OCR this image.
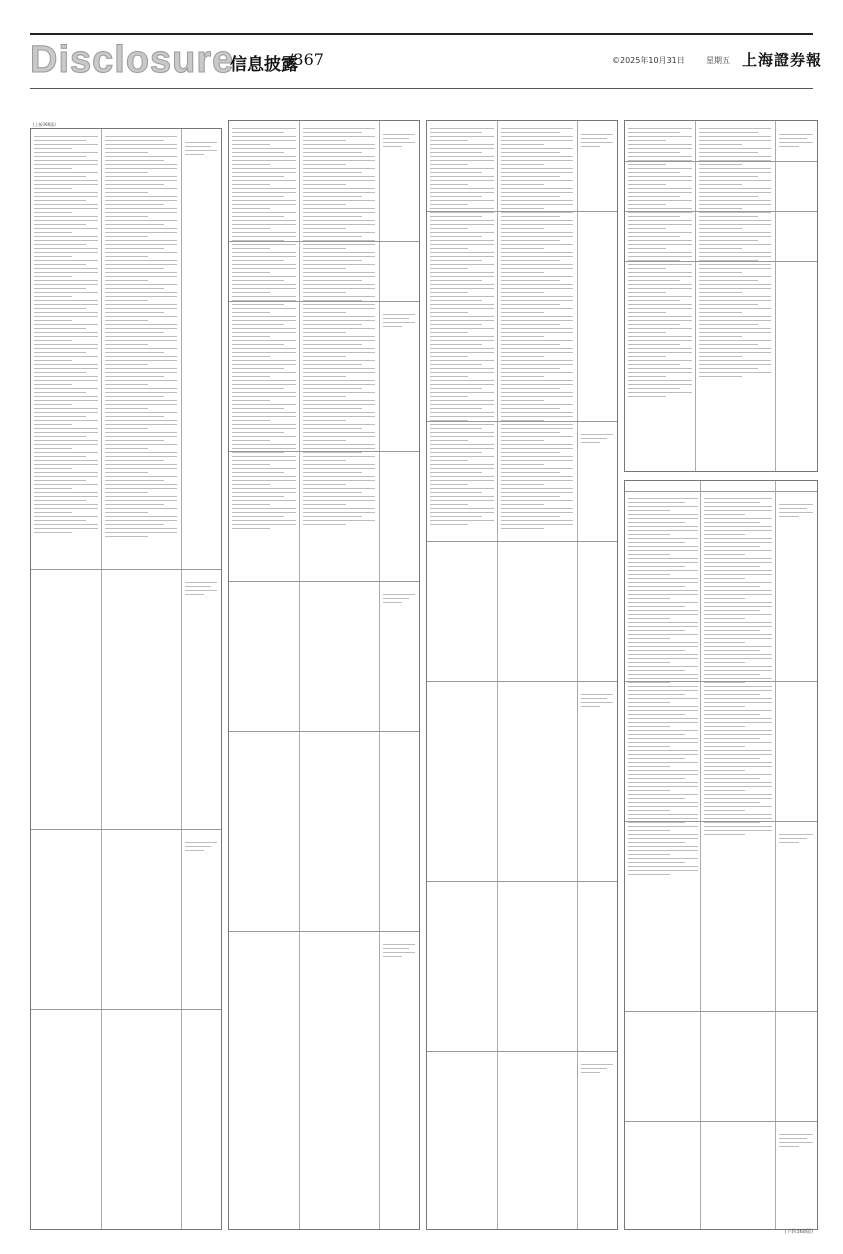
Disclosure
信息披露
/367	©2025年10月31日	星期五 上海證券報
(上接366版)
(下转368版)
